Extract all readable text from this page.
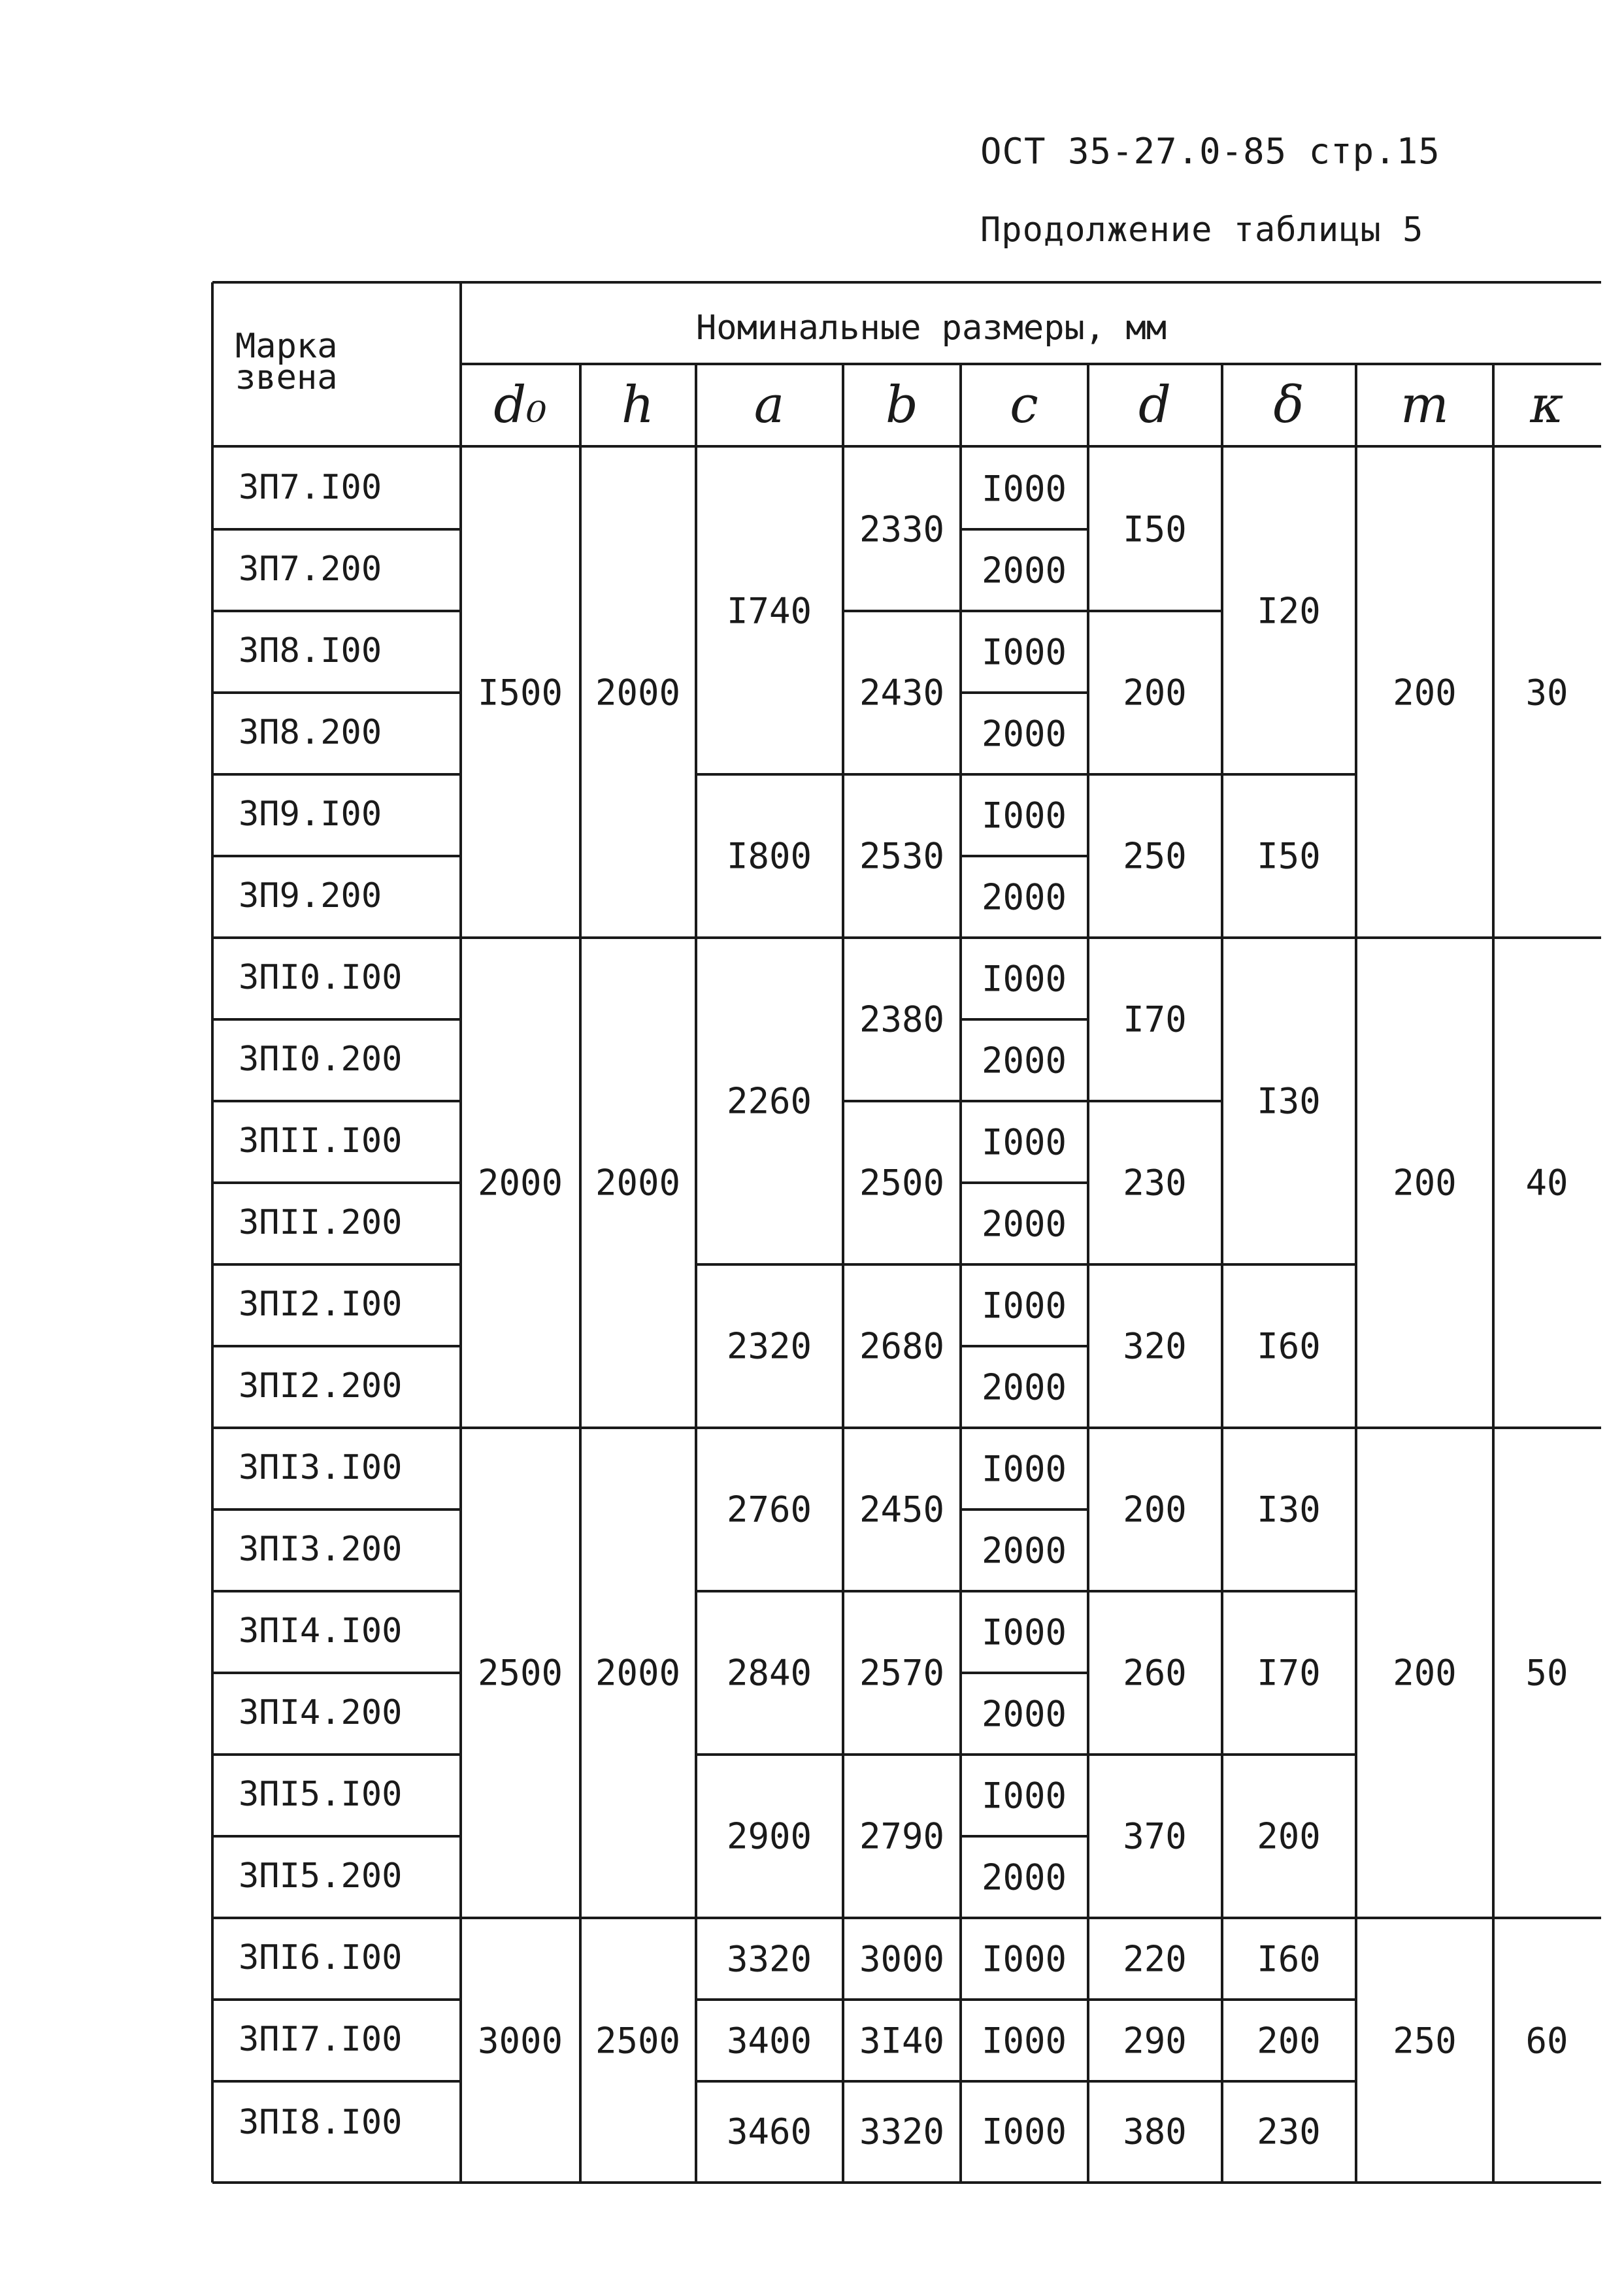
ОСТ 35-27.0-85 стр.15
Продолжение таблицы 5
Марка
звена
Номинальные размеры, мм
d₀ h a b c d δ m κ
ЗП7.I00
ЗП7.200
ЗП8.I00
ЗП8.200
ЗП9.I00
ЗП9.200
ЗПI0.I00
ЗПI0.200
ЗПII.I00
ЗПII.200
ЗПI2.I00
ЗПI2.200
ЗПI3.I00
ЗПI3.200
ЗПI4.I00
ЗПI4.200
ЗПI5.I00
ЗПI5.200
ЗПI6.I00
ЗПI7.I00
ЗПI8.I00
I000
2000
I000
2000
I000
2000
I000
2000
I000
2000
I000
2000
I000
2000
I000
2000
I000
2000
I000
I000
I000
I500 2000
I740
I800
2330
2430
2530
I50
200
250
I20
I50
200 30
2000 2000
2260
2320
2380
2500
2680
I70
230
320
I30
I60
200 40
2500 2000
2760
2840
2900
2450
2570
2790
200
260
370
I30
I70
200
200 50
3000 2500
3320
3400
3460
3000
3I40
3320
220
290
380
I60
200
230
250 60
